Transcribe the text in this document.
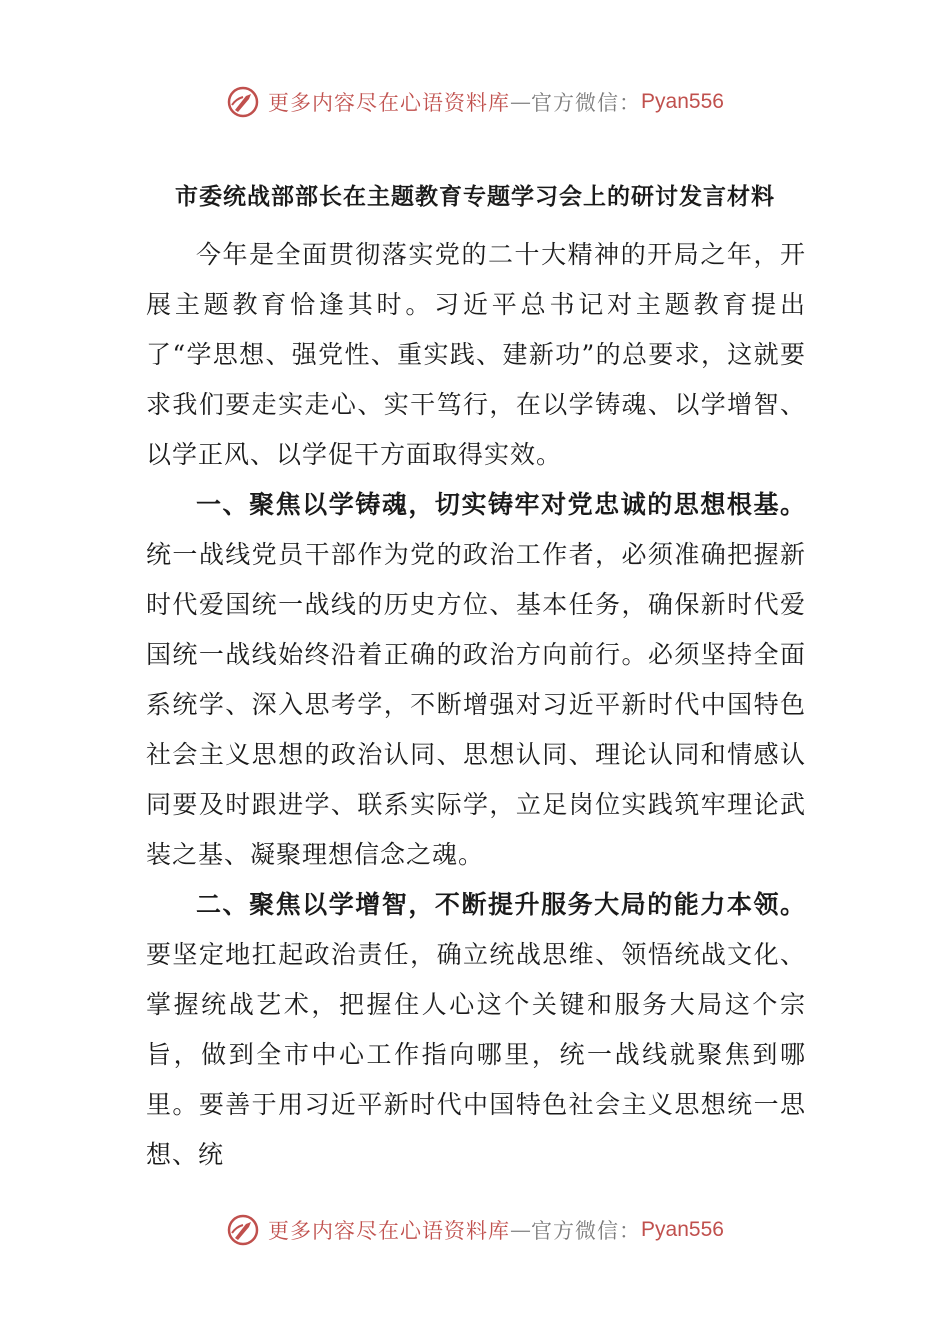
更多内容尽在心语资料库 — 官方微信： Pyan556
市委统战部部长在主题教育专题学习会上的研讨发言材料

今年是全面贯彻落实党的二十大精神的开局之年，开展主题教育恰逢其时。习近平总书记对主题教育提出了“学思想、强党性、重实践、建新功”的总要求，这就要求我们要走实走心、实干笃行，在以学铸魂、以学增智、以学正风、以学促干方面取得实效。

一、聚焦以学铸魂，切实铸牢对党忠诚的思想根基。统一战线党员干部作为党的政治工作者，必须准确把握新时代爱国统一战线的历史方位、基本任务，确保新时代爱国统一战线始终沿着正确的政治方向前行。必须坚持全面系统学、深入思考学，不断增强对习近平新时代中国特色社会主义思想的政治认同、思想认同、理论认同和情感认同要及时跟进学、联系实际学，立足岗位实践筑牢理论武装之基、凝聚理想信念之魂。

二、聚焦以学增智，不断提升服务大局的能力本领。要坚定地扛起政治责任，确立统战思维、领悟统战文化、掌握统战艺术，把握住人心这个关键和服务大局这个宗旨，做到全市中心工作指向哪里，统一战线就聚焦到哪里。要善于用习近平新时代中国特色社会主义思想统一思想、统

更多内容尽在心语资料库 — 官方微信： Pyan556
